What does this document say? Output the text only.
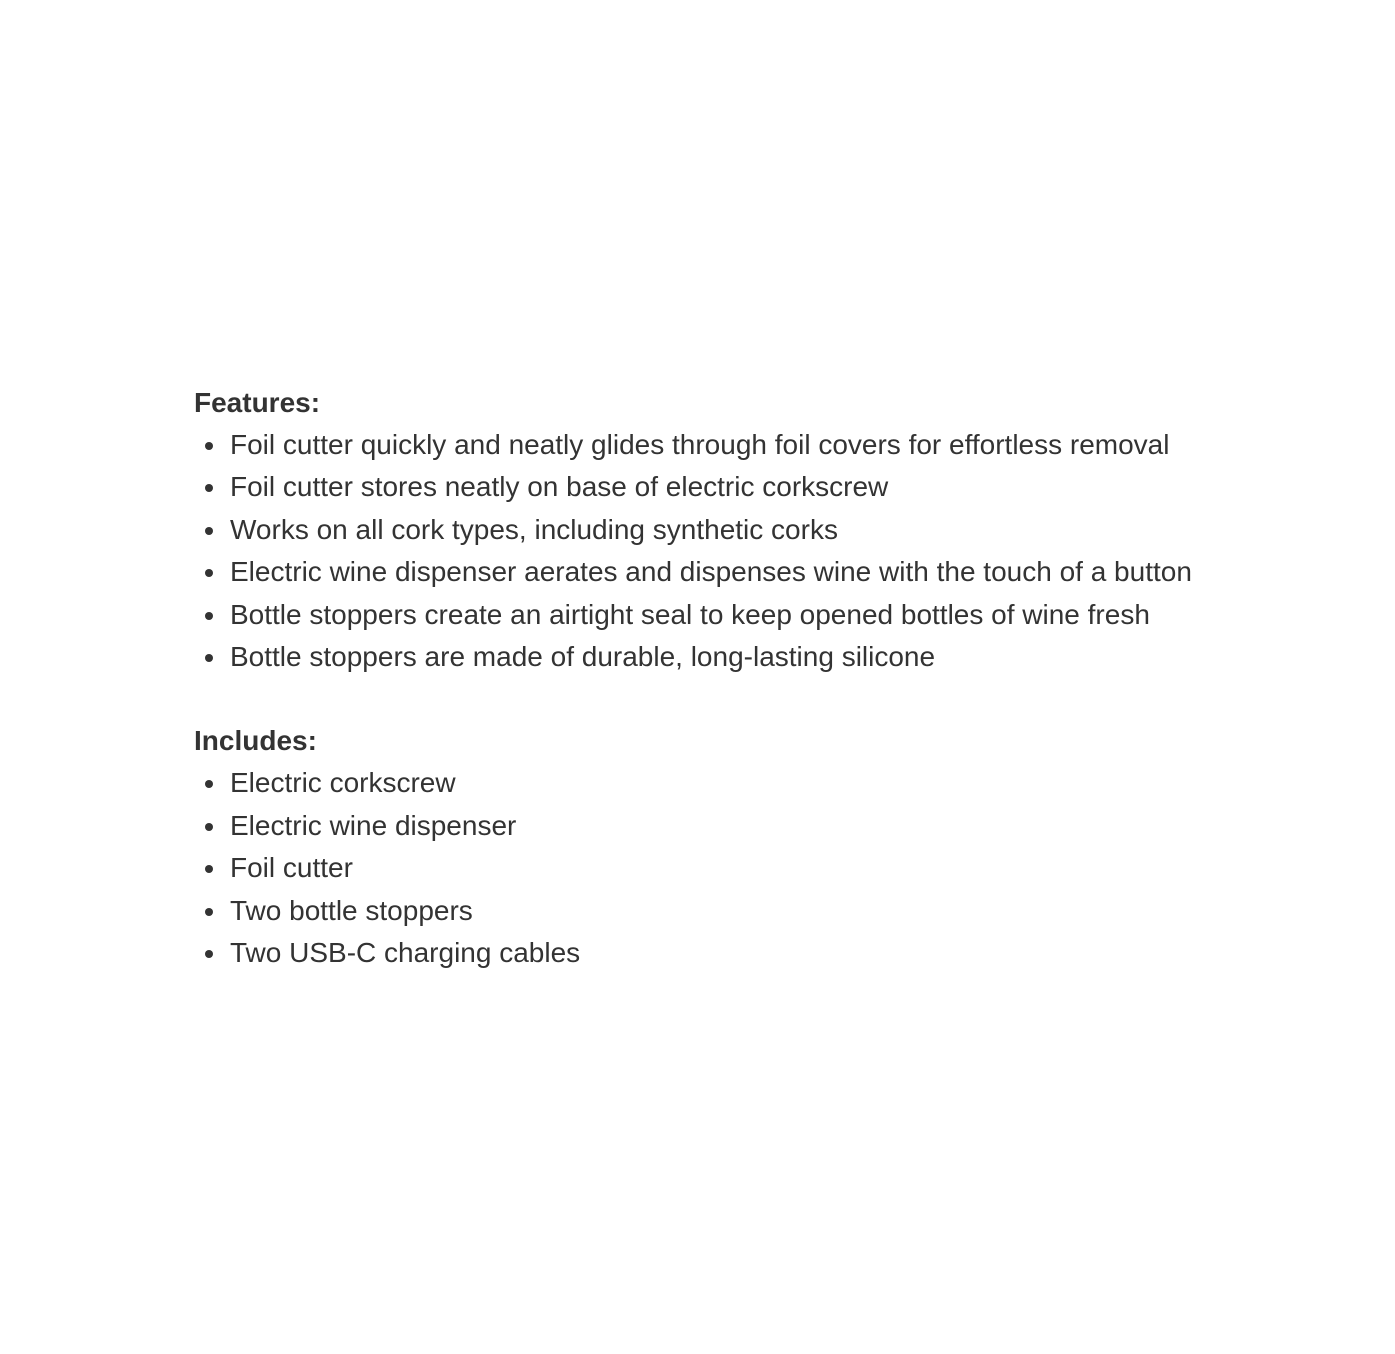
Features:
Foil cutter quickly and neatly glides through foil covers for effortless removal
Foil cutter stores neatly on base of electric corkscrew
Works on all cork types, including synthetic corks
Electric wine dispenser aerates and dispenses wine with the touch of a button
Bottle stoppers create an airtight seal to keep opened bottles of wine fresh
Bottle stoppers are made of durable, long-lasting silicone
Includes:
Electric corkscrew
Electric wine dispenser
Foil cutter
Two bottle stoppers
Two USB-C charging cables
